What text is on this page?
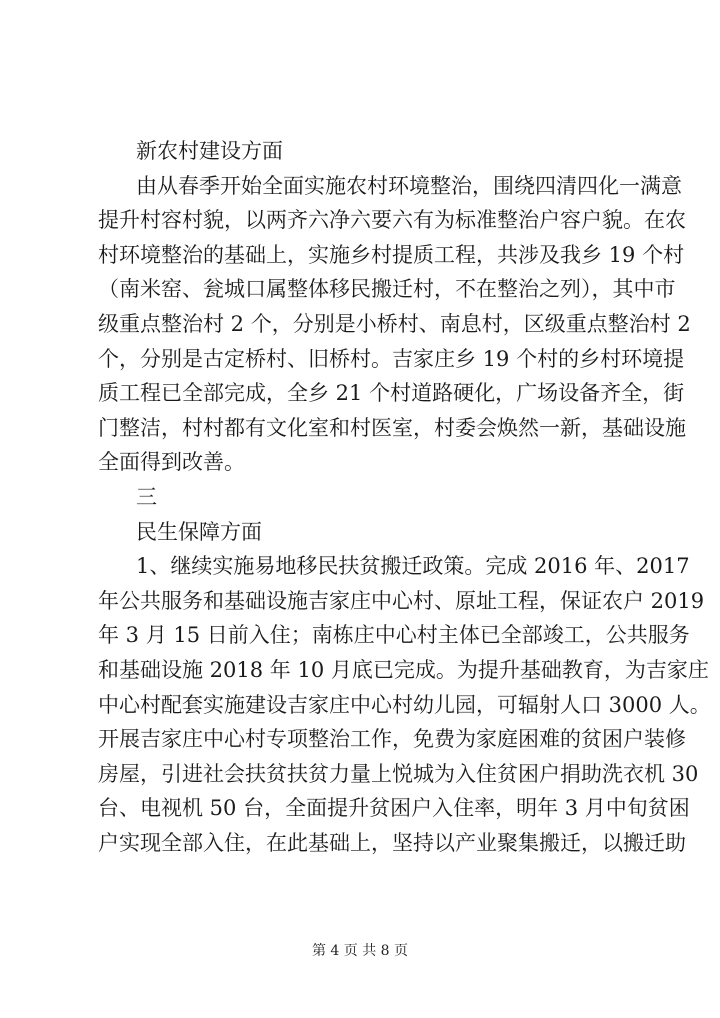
新农村建设方面
由从春季开始全面实施农村环境整治，围绕四清四化一满意
提升村容村貌，以两齐六净六要六有为标准整治户容户貌。在农
村环境整治的基础上，实施乡村提质工程，共涉及我乡 19 个村
（南米窑、瓮城口属整体移民搬迁村，不在整治之列），其中市
级重点整治村 2 个，分别是小桥村、南息村，区级重点整治村 2
个，分别是古定桥村、旧桥村。吉家庄乡 19 个村的乡村环境提
质工程已全部完成，全乡 21 个村道路硬化，广场设备齐全，街
门整洁，村村都有文化室和村医室，村委会焕然一新，基础设施
全面得到改善。
三
民生保障方面
1、继续实施易地移民扶贫搬迁政策。完成 2016 年、2017
年公共服务和基础设施吉家庄中心村、原址工程，保证农户 2019
年 3 月 15 日前入住；南栋庄中心村主体已全部竣工，公共服务
和基础设施 2018 年 10 月底已完成。为提升基础教育，为吉家庄
中心村配套实施建设吉家庄中心村幼儿园，可辐射人口 3000 人。
开展吉家庄中心村专项整治工作，免费为家庭困难的贫困户装修
房屋，引进社会扶贫扶贫力量上悦城为入住贫困户捐助洗衣机 30
台、电视机 50 台，全面提升贫困户入住率，明年 3 月中旬贫困
户实现全部入住，在此基础上，坚持以产业聚集搬迁，以搬迁助
第 4 页 共 8 页
